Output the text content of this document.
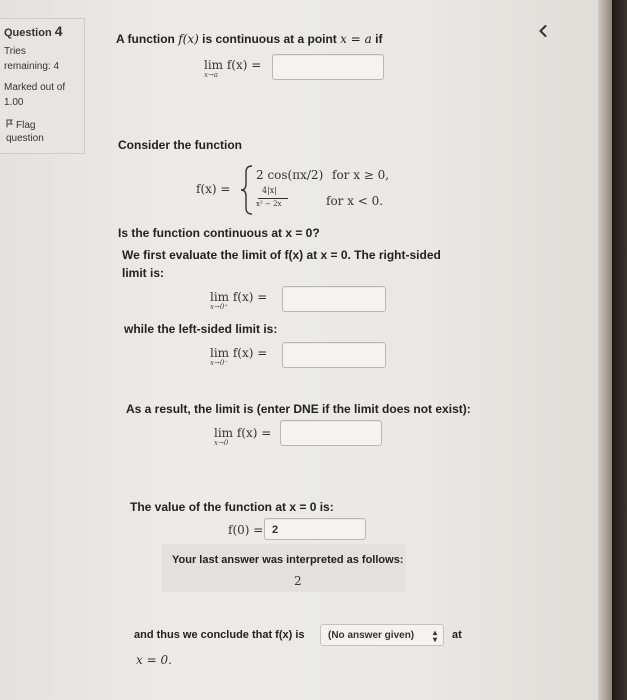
Question 4
Tries
remaining: 4
Marked out of
1.00
Flag
question
A function f(x) is continuous at a point x = a if
lim f(x) =
x→a
Consider the function
f(x) =
2 cos(πx/2) for x ≥ 0,
4|x|
x² − 2x	for x < 0.
Is the function continuous at x = 0?
We first evaluate the limit of f(x) at x = 0. The right-sided
limit is:
lim f(x) =
x→0⁺
while the left-sided limit is:
lim f(x) =
x→0⁻
As a result, the limit is (enter DNE if the limit does not exist):
lim f(x) =
x→0
The value of the function at x = 0 is:
f(0) = 2
Your last answer was interpreted as follows:
2
and thus we conclude that f(x) is (No answer given) ▴
▾ at
x = 0.
